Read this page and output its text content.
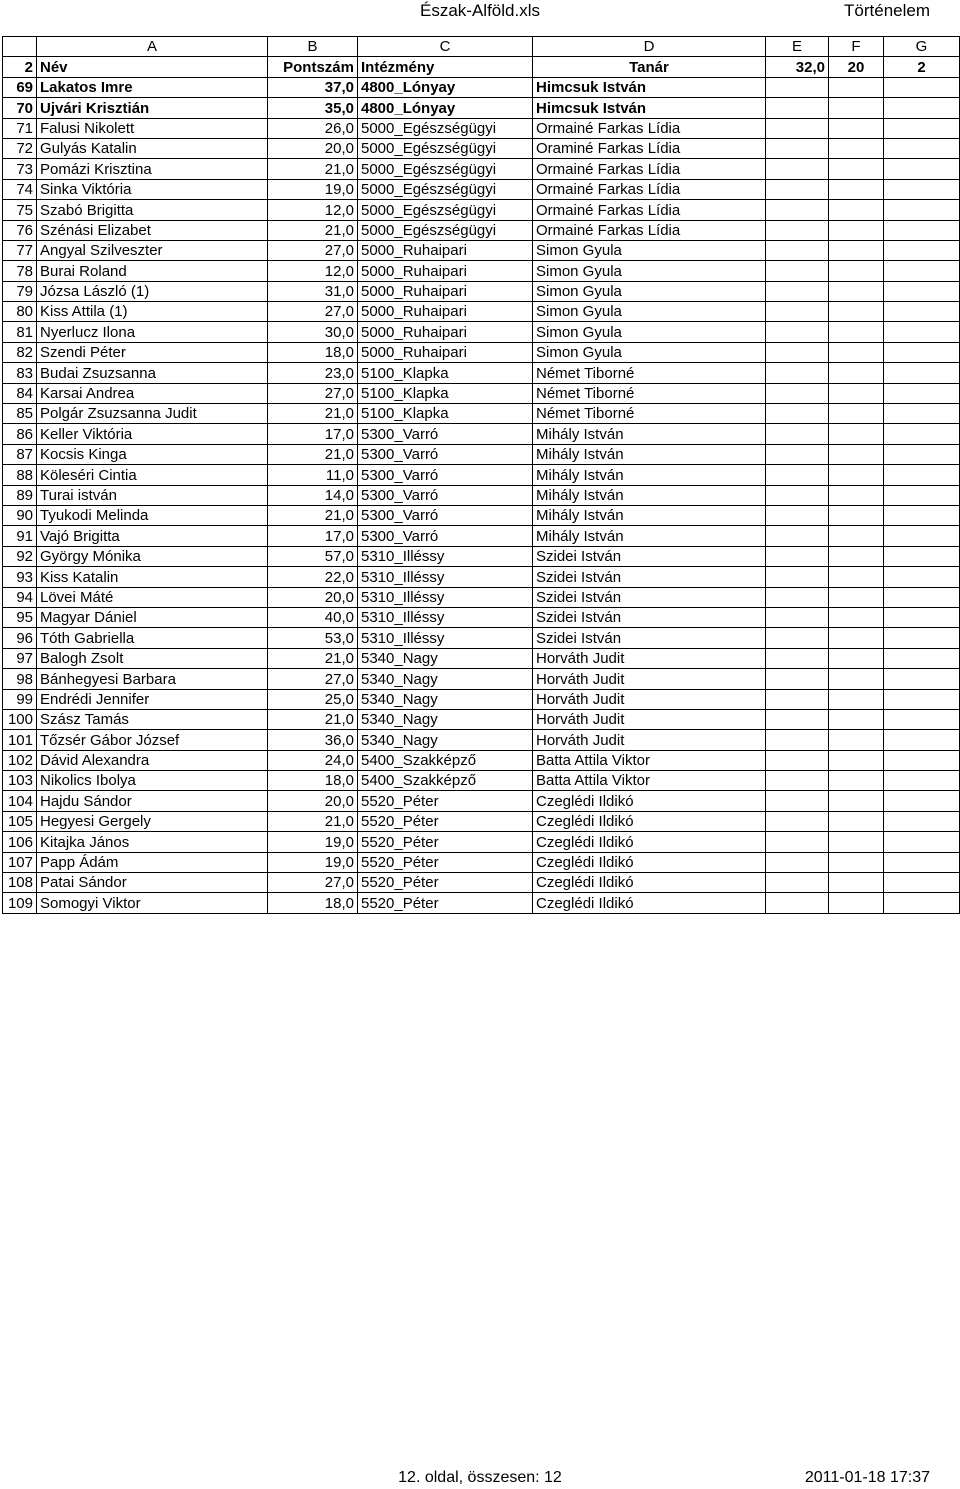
Észak-Alföld.xls	Történelem
	A	B	C	D	E	F	G
2	Név	Pontszám	Intézmény	Tanár	32,0	20	2
69	Lakatos Imre	37,0	4800_Lónyay	Himcsuk István			
70	Ujvári Krisztián	35,0	4800_Lónyay	Himcsuk István			
71	Falusi Nikolett	26,0	5000_Egészségügyi	Ormainé Farkas Lídia			
72	Gulyás Katalin	20,0	5000_Egészségügyi	Oraminé Farkas Lídia			
73	Pomázi Krisztina	21,0	5000_Egészségügyi	Ormainé Farkas Lídia			
74	Sinka Viktória	19,0	5000_Egészségügyi	Ormainé Farkas Lídia			
75	Szabó Brigitta	12,0	5000_Egészségügyi	Ormainé Farkas Lídia			
76	Szénási Elizabet	21,0	5000_Egészségügyi	Ormainé Farkas Lídia			
77	Angyal Szilveszter	27,0	5000_Ruhaipari	Simon Gyula			
78	Burai Roland	12,0	5000_Ruhaipari	Simon Gyula			
79	Józsa László (1)	31,0	5000_Ruhaipari	Simon Gyula			
80	Kiss Attila (1)	27,0	5000_Ruhaipari	Simon Gyula			
81	Nyerlucz Ilona	30,0	5000_Ruhaipari	Simon Gyula			
82	Szendi Péter	18,0	5000_Ruhaipari	Simon Gyula			
83	Budai Zsuzsanna	23,0	5100_Klapka	Német Tiborné			
84	Karsai Andrea	27,0	5100_Klapka	Német Tiborné			
85	Polgár Zsuzsanna Judit	21,0	5100_Klapka	Német Tiborné			
86	Keller Viktória	17,0	5300_Varró	Mihály István			
87	Kocsis Kinga	21,0	5300_Varró	Mihály István			
88	Köleséri Cintia	11,0	5300_Varró	Mihály István			
89	Turai istván	14,0	5300_Varró	Mihály István			
90	Tyukodi Melinda	21,0	5300_Varró	Mihály István			
91	Vajó Brigitta	17,0	5300_Varró	Mihály István			
92	György Mónika	57,0	5310_Illéssy	Szidei István			
93	Kiss Katalin	22,0	5310_Illéssy	Szidei István			
94	Lövei Máté	20,0	5310_Illéssy	Szidei István			
95	Magyar Dániel	40,0	5310_Illéssy	Szidei István			
96	Tóth Gabriella	53,0	5310_Illéssy	Szidei István			
97	Balogh Zsolt	21,0	5340_Nagy	Horváth Judit			
98	Bánhegyesi Barbara	27,0	5340_Nagy	Horváth Judit			
99	Endrédi Jennifer	25,0	5340_Nagy	Horváth Judit			
100	Szász Tamás	21,0	5340_Nagy	Horváth Judit			
101	Tőzsér Gábor József	36,0	5340_Nagy	Horváth Judit			
102	Dávid Alexandra	24,0	5400_Szakképző	Batta Attila Viktor			
103	Nikolics Ibolya	18,0	5400_Szakképző	Batta Attila Viktor			
104	Hajdu Sándor	20,0	5520_Péter	Czeglédi Ildikó			
105	Hegyesi Gergely	21,0	5520_Péter	Czeglédi Ildikó			
106	Kitajka János	19,0	5520_Péter	Czeglédi Ildikó			
107	Papp Ádám	19,0	5520_Péter	Czeglédi Ildikó			
108	Patai Sándor	27,0	5520_Péter	Czeglédi Ildikó			
109	Somogyi Viktor	18,0	5520_Péter	Czeglédi Ildikó			
12. oldal, összesen: 12	2011-01-18 17:37
